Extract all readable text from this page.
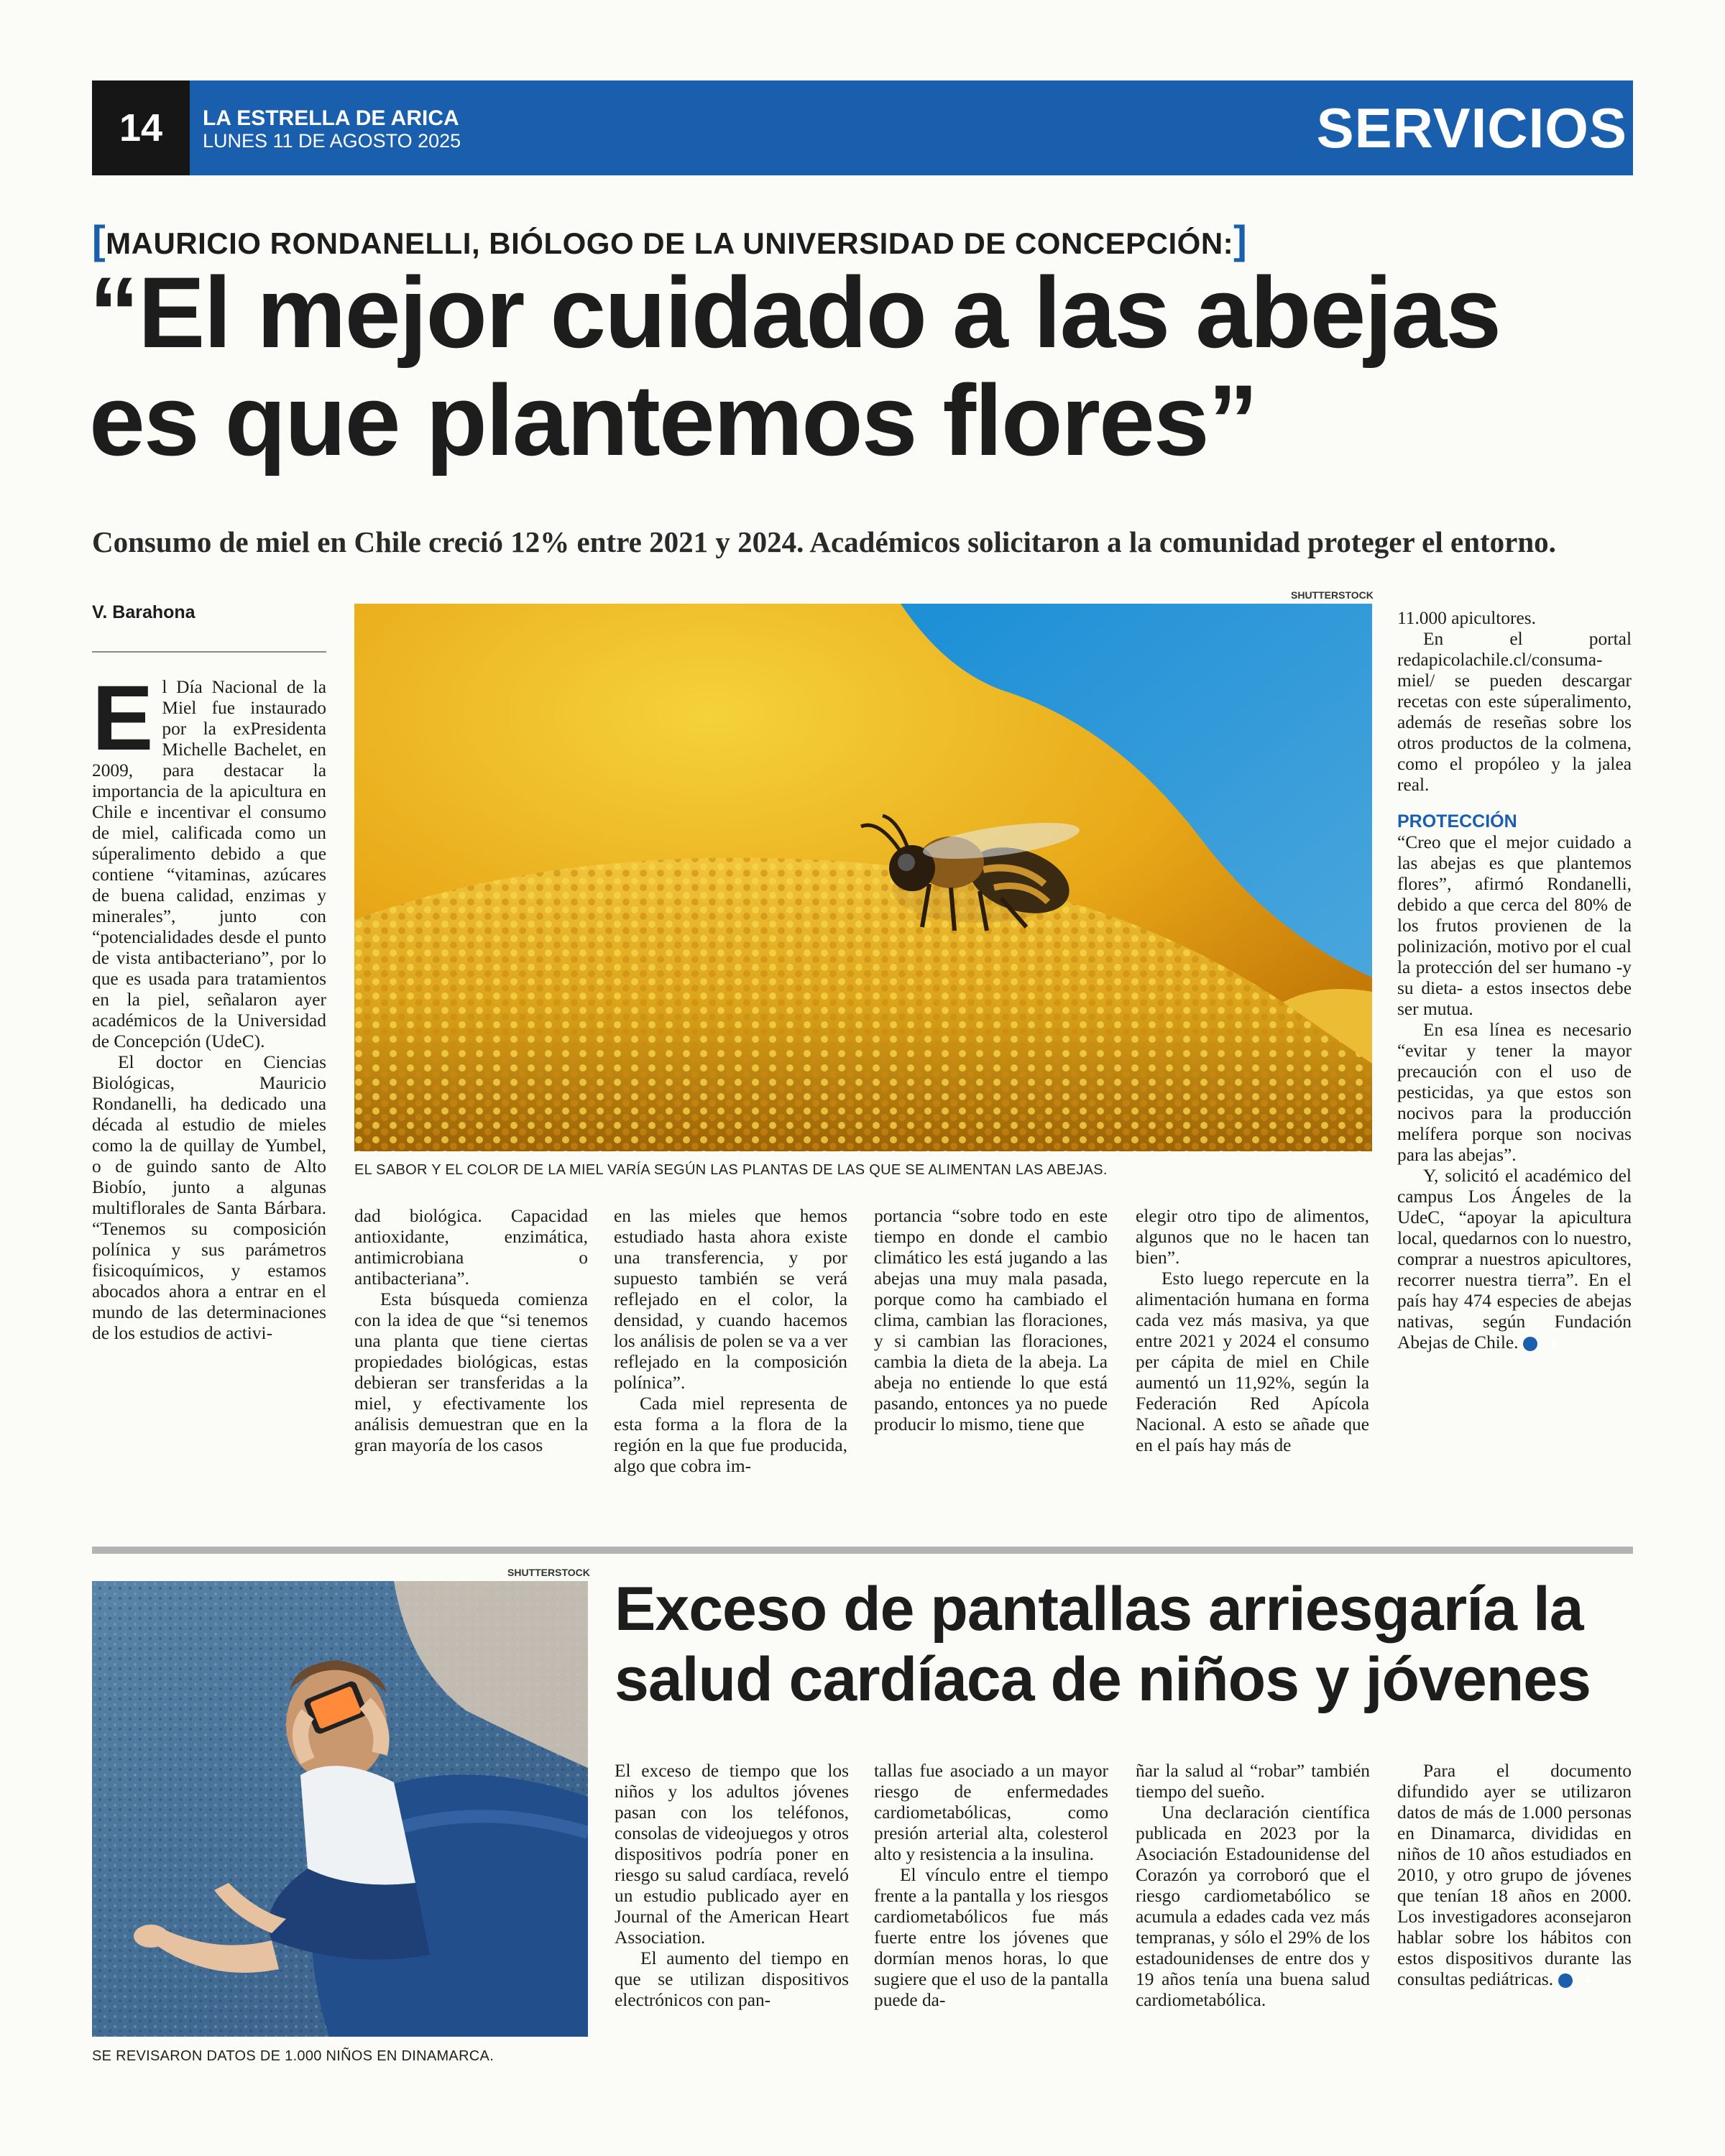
14	LA ESTRELLA DE ARICA
LUNES 11 DE AGOSTO 2025	SERVICIOS
[MAURICIO RONDANELLI, BIÓLOGO DE LA UNIVERSIDAD DE CONCEPCIÓN:]
“El mejor cuidado a las abejas
es que plantemos flores”
Consumo de miel en Chile creció 12% entre 2021 y 2024. Académicos solicitaron a la comunidad proteger el entorno.
V. Barahona
SHUTTERSTOCK
EL SABOR Y EL COLOR DE LA MIEL VARÍA SEGÚN LAS PLANTAS DE LAS QUE SE ALIMENTAN LAS ABEJAS.

El Día Nacional de la Miel fue instaurado por la exPresidenta Michelle Bachelet, en 2009, para destacar la importancia de la apicultura en Chile e incentivar el consumo de miel, calificada como un súperalimento debido a que contiene “vitaminas, azúcares de buena calidad, enzimas y minerales”, junto con “potencialidades desde el punto de vista antibacteriano”, por lo que es usada para tratamientos en la piel, señalaron ayer académicos de la Universidad de Concepción (UdeC).

El doctor en Ciencias Biológicas, Mauricio Rondanelli, ha dedicado una década al estudio de mieles como la de quillay de Yumbel, o de guindo santo de Alto Biobío, junto a algunas multiflorales de Santa Bárbara. “Tenemos su composición polínica y sus parámetros fisicoquímicos, y estamos abocados ahora a entrar en el mundo de las determinaciones de los estudios de activi-

dad biológica. Capacidad antioxidante, enzimática, antimicrobiana o antibacteriana”.

Esta búsqueda comienza con la idea de que “si tenemos una planta que tiene ciertas propiedades biológicas, estas debieran ser transferidas a la miel, y efectivamente los análisis demuestran que en la gran mayoría de los casos

en las mieles que hemos estudiado hasta ahora existe una transferencia, y por supuesto también se verá reflejado en el color, la densidad, y cuando hacemos los análisis de polen se va a ver reflejado en la composición polínica”.

Cada miel representa de esta forma a la flora de la región en la que fue producida, algo que cobra im-

portancia “sobre todo en este tiempo en donde el cambio climático les está jugando a las abejas una muy mala pasada, porque como ha cambiado el clima, cambian las floraciones, y si cambian las floraciones, cambia la dieta de la abeja. La abeja no entiende lo que está pasando, entonces ya no puede producir lo mismo, tiene que

elegir otro tipo de alimentos, algunos que no le hacen tan bien”.

Esto luego repercute en la alimentación humana en forma cada vez más masiva, ya que entre 2021 y 2024 el consumo per cápita de miel en Chile aumentó un 11,92%, según la Federación Red Apícola Nacional. A esto se añade que en el país hay más de

11.000 apicultores.

En el portal redapicolachile.cl/consuma-miel/ se pueden descargar recetas con este súperalimento, además de reseñas sobre los otros productos de la colmena, como el propóleo y la jalea real.

PROTECCIÓN

“Creo que el mejor cuidado a las abejas es que plantemos flores”, afirmó Rondanelli, debido a que cerca del 80% de los frutos provienen de la polinización, motivo por el cual la protección del ser humano -y su dieta- a estos insectos debe ser mutua.

En esa línea es necesario “evitar y tener la mayor precaución con el uso de pesticidas, ya que estos son nocivos para la producción melífera porque son nocivas para las abejas”.

Y, solicitó el académico del campus Los Ángeles de la UdeC, “apoyar la apicultura local, quedarnos con lo nuestro, comprar a nuestros apicultores, recorrer nuestra tierra”. En el país hay 474 especies de abejas nativas, según Fundación Abejas de Chile.	✚

SHUTTERSTOCK
SE REVISARON DATOS DE 1.000 NIÑOS EN DINAMARCA.
Exceso de pantallas arriesgaría la
salud cardíaca de niños y jóvenes

El exceso de tiempo que los niños y los adultos jóvenes pasan con los teléfonos, consolas de videojuegos y otros dispositivos podría poner en riesgo su salud cardíaca, reveló un estudio publicado ayer en Journal of the American Heart Association.

El aumento del tiempo en que se utilizan dispositivos electrónicos con pan-

tallas fue asociado a un mayor riesgo de enfermedades cardiometabólicas, como presión arterial alta, colesterol alto y resistencia a la insulina.

El vínculo entre el tiempo frente a la pantalla y los riesgos cardiometabólicos fue más fuerte entre los jóvenes que dormían menos horas, lo que sugiere que el uso de la pantalla puede da-

ñar la salud al “robar” también tiempo del sueño.

Una declaración científica publicada en 2023 por la Asociación Estadounidense del Corazón ya corroboró que el riesgo cardiometabólico se acumula a edades cada vez más tempranas, y sólo el 29% de los estadounidenses de entre dos y 19 años tenía una buena salud cardiometabólica.

Para el documento difundido ayer se utilizaron datos de más de 1.000 personas en Dinamarca, divididas en niños de 10 años estudiados en 2010, y otro grupo de jóvenes que tenían 18 años en 2000. Los investigadores aconsejaron hablar sobre los hábitos con estos dispositivos durante las consultas pediátricas.	✚
